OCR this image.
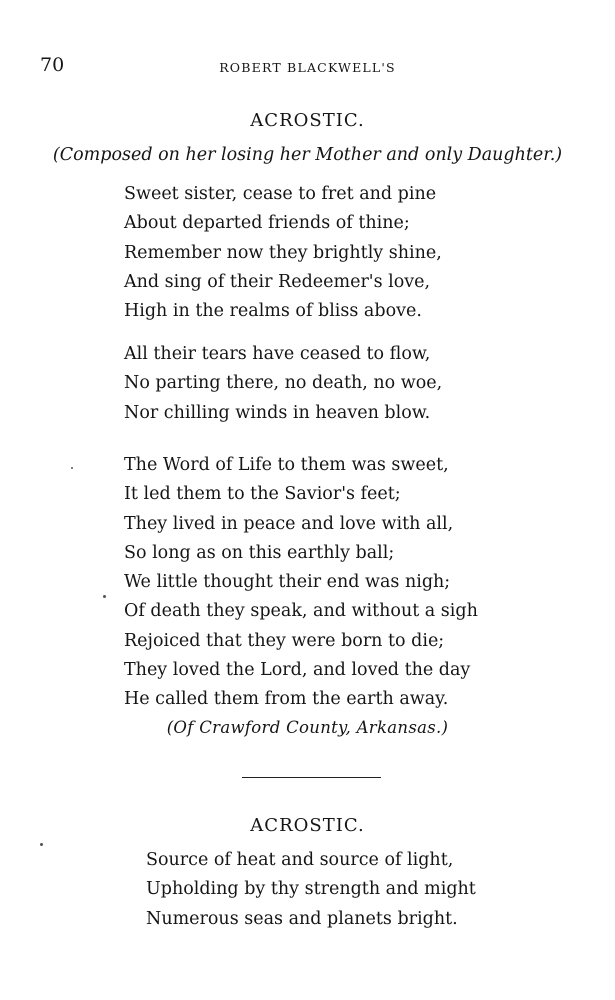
70	ROBERT BLACKWELL'S
ACROSTIC.
(Composed on her losing her Mother and only Daughter.)
Sweet sister, cease to fret and pine
About departed friends of thine;
Remember now they brightly shine,
And sing of their Redeemer's love,
High in the realms of bliss above.
All their tears have ceased to flow,
No parting there, no death, no woe,
Nor chilling winds in heaven blow.
The Word of Life to them was sweet,
It led them to the Savior's feet;
They lived in peace and love with all,
So long as on this earthly ball;
We little thought their end was nigh;
Of death they speak, and without a sigh
Rejoiced that they were born to die;
They loved the Lord, and loved the day
He called them from the earth away.
(Of Crawford County, Arkansas.)
ACROSTIC.
Source of heat and source of light,
Upholding by thy strength and might
Numerous seas and planets bright.
